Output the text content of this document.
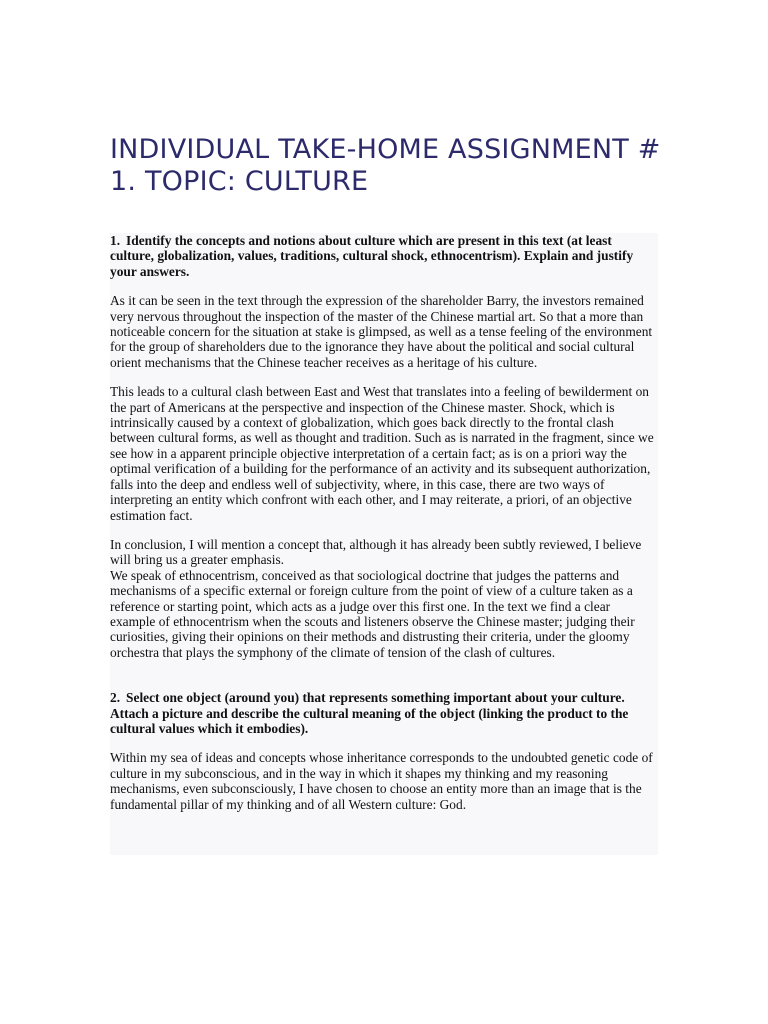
INDIVIDUAL TAKE-HOME ASSIGNMENT # 1. TOPIC: CULTURE

1. Identify the concepts and notions about culture which are present in this text (at least culture, globalization, values, traditions, cultural shock, ethnocentrism). Explain and justify your answers.

As it can be seen in the text through the expression of the shareholder Barry, the investors remained very nervous throughout the inspection of the master of the Chinese martial art. So that a more than noticeable concern for the situation at stake is glimpsed, as well as a tense feeling of the environment for the group of shareholders due to the ignorance they have about the political and social cultural orient mechanisms that the Chinese teacher receives as a heritage of his culture.

This leads to a cultural clash between East and West that translates into a feeling of bewilderment on the part of Americans at the perspective and inspection of the Chinese master. Shock, which is intrinsically caused by a context of globalization, which goes back directly to the frontal clash between cultural forms, as well as thought and tradition. Such as is narrated in the fragment, since we see how in a apparent principle objective interpretation of a certain fact; as is on a priori way the optimal verification of a building for the performance of an activity and its subsequent authorization, falls into the deep and endless well of subjectivity, where, in this case, there are two ways of interpreting an entity which confront with each other, and I may reiterate, a priori, of an objective estimation fact.

In conclusion, I will mention a concept that, although it has already been subtly reviewed, I believe will bring us a greater emphasis.

We speak of ethnocentrism, conceived as that sociological doctrine that judges the patterns and mechanisms of a specific external or foreign culture from the point of view of a culture taken as a reference or starting point, which acts as a judge over this first one. In the text we find a clear example of ethnocentrism when the scouts and listeners observe the Chinese master; judging their curiosities, giving their opinions on their methods and distrusting their criteria, under the gloomy orchestra that plays the symphony of the climate of tension of the clash of cultures.

2. Select one object (around you) that represents something important about your culture. Attach a picture and describe the cultural meaning of the object (linking the product to the cultural values which it embodies).

Within my sea of ideas and concepts whose inheritance corresponds to the undoubted genetic code of culture in my subconscious, and in the way in which it shapes my thinking and my reasoning mechanisms, even subconsciously, I have chosen to choose an entity more than an image that is the fundamental pillar of my thinking and of all Western culture: God.
